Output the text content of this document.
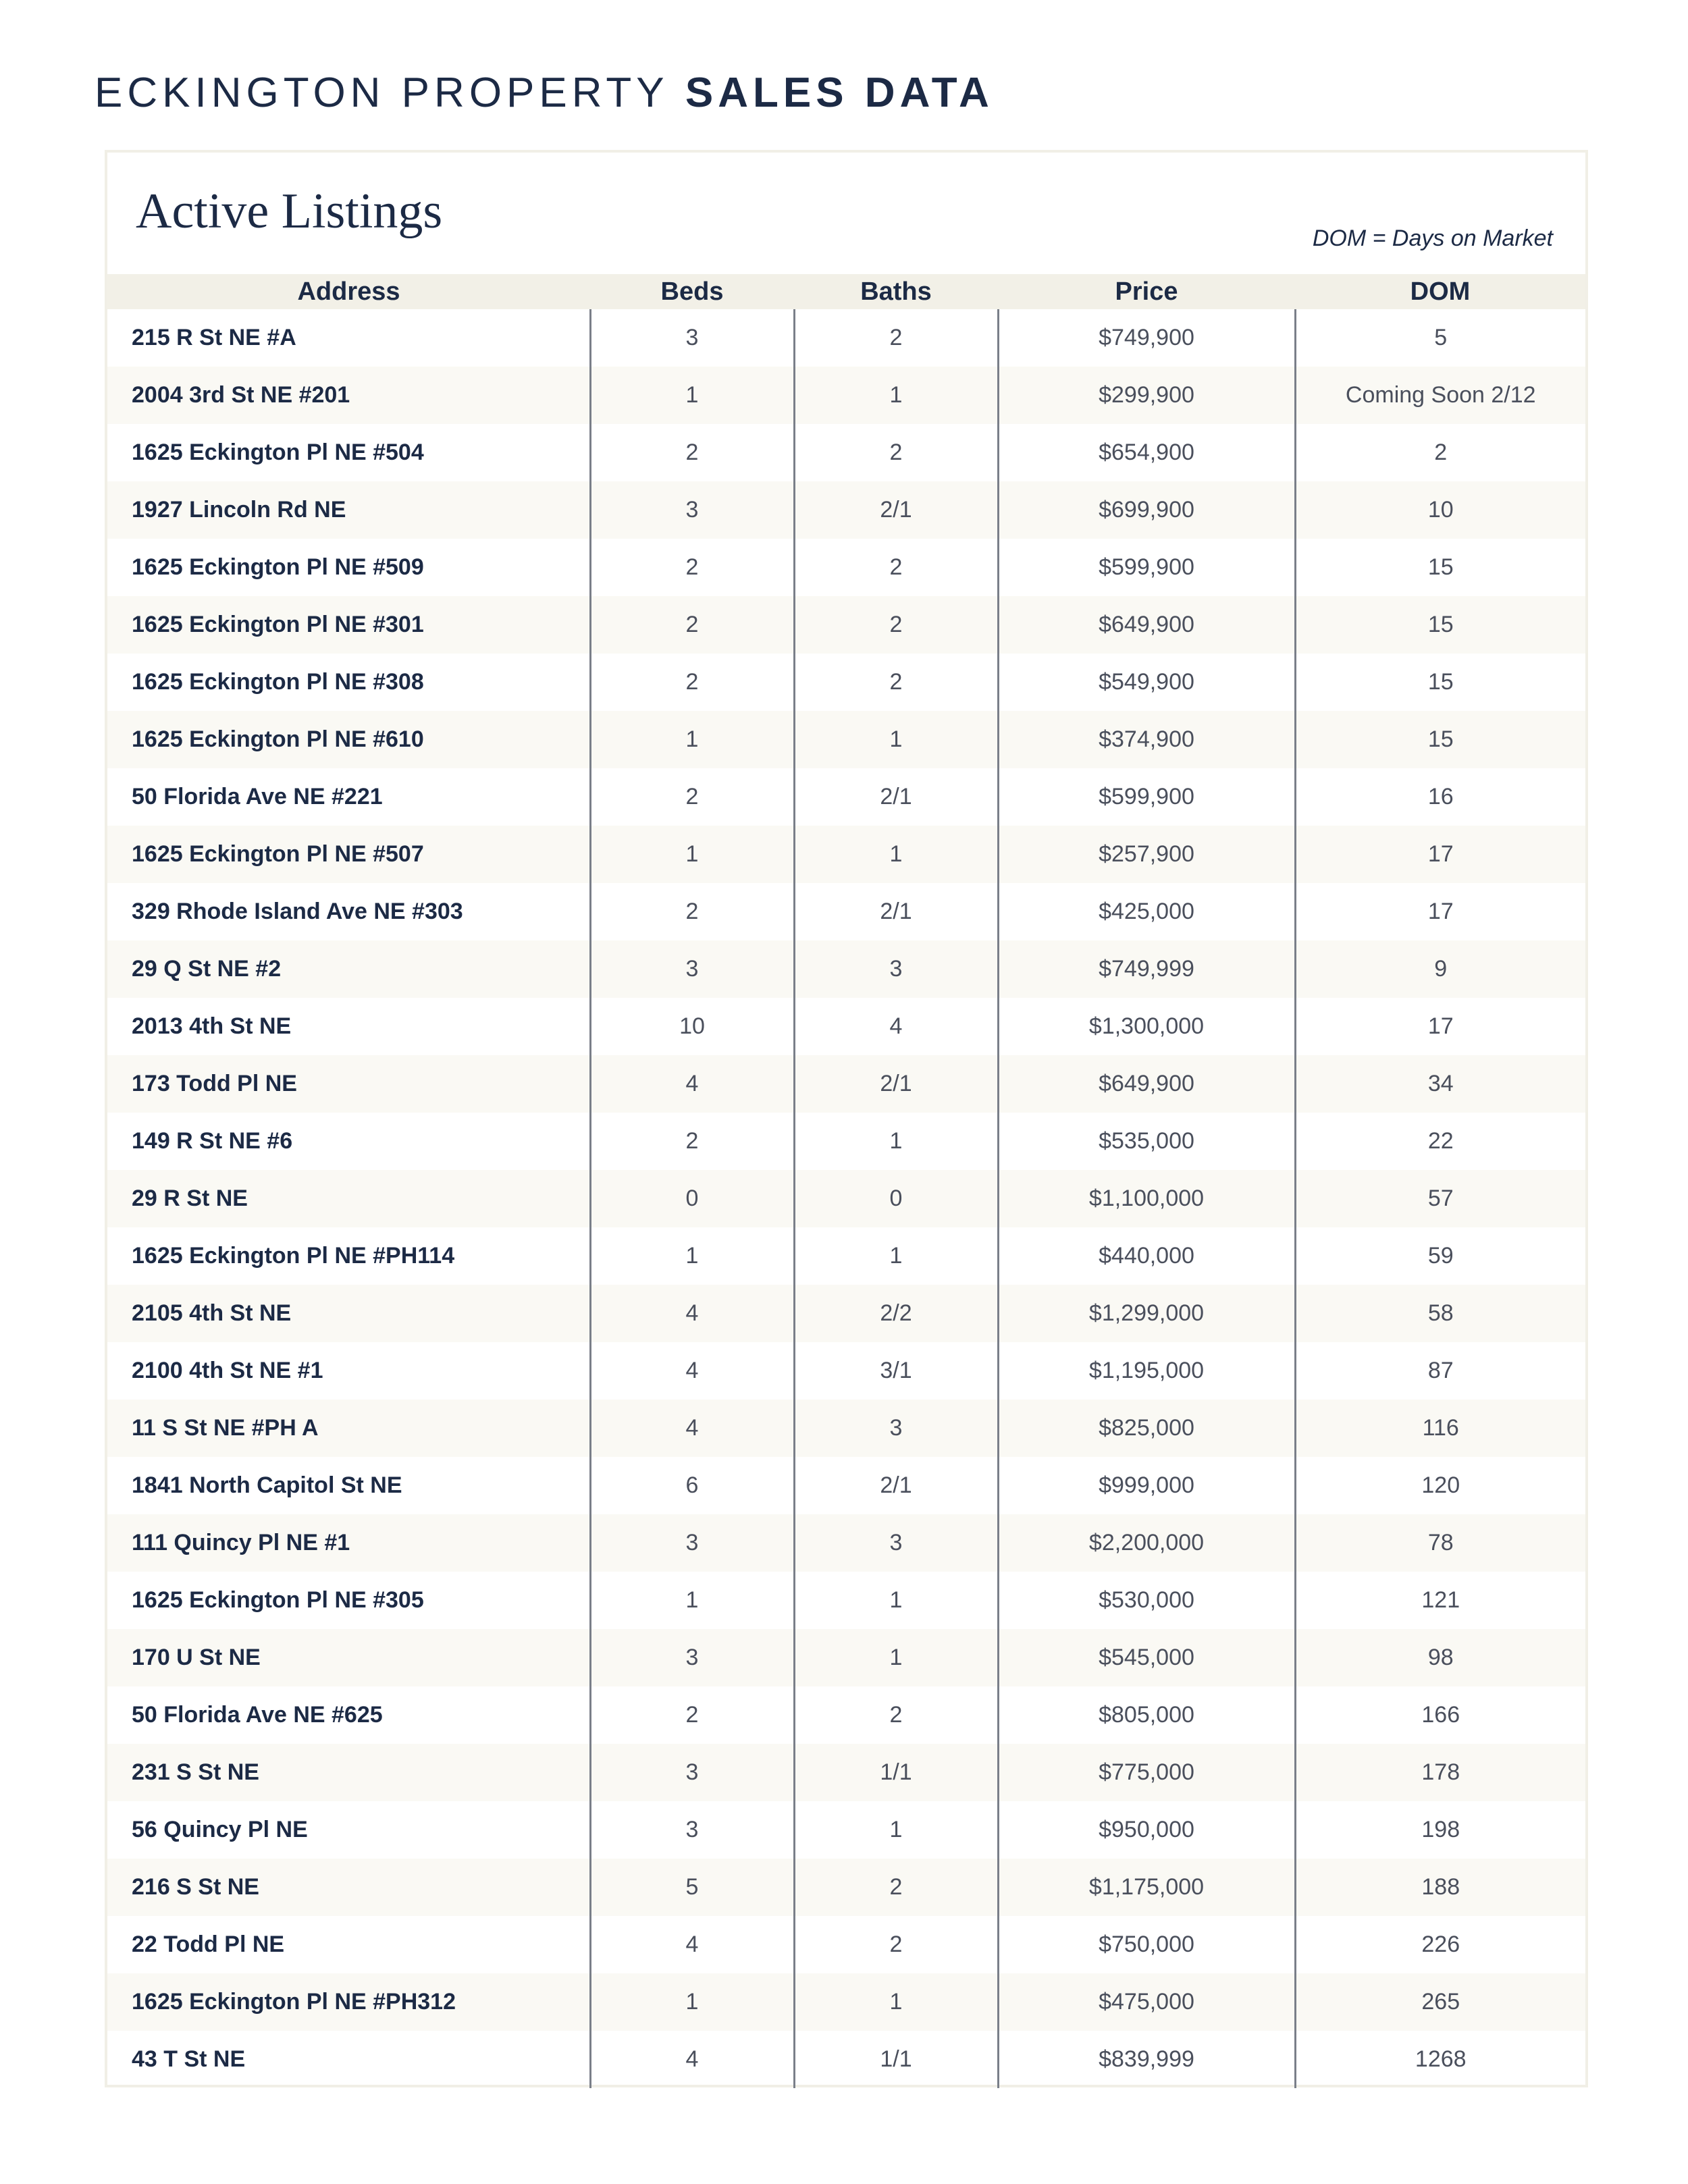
ECKINGTON PROPERTY SALES DATA
Active Listings	DOM = Days on Market
Address	Beds	Baths	Price	DOM
215 R St NE #A	3	2	$749,900	5
2004 3rd St NE #201	1	1	$299,900	Coming Soon 2/12
1625 Eckington Pl NE #504	2	2	$654,900	2
1927 Lincoln Rd NE	3	2/1	$699,900	10
1625 Eckington Pl NE #509	2	2	$599,900	15
1625 Eckington Pl NE #301	2	2	$649,900	15
1625 Eckington Pl NE #308	2	2	$549,900	15
1625 Eckington Pl NE #610	1	1	$374,900	15
50 Florida Ave NE #221	2	2/1	$599,900	16
1625 Eckington Pl NE #507	1	1	$257,900	17
329 Rhode Island Ave NE #303	2	2/1	$425,000	17
29 Q St NE #2	3	3	$749,999	9
2013 4th St NE	10	4	$1,300,000	17
173 Todd Pl NE	4	2/1	$649,900	34
149 R St NE #6	2	1	$535,000	22
29 R St NE	0	0	$1,100,000	57
1625 Eckington Pl NE #PH114	1	1	$440,000	59
2105 4th St NE	4	2/2	$1,299,000	58
2100 4th St NE #1	4	3/1	$1,195,000	87
11 S St NE #PH A	4	3	$825,000	116
1841 North Capitol St NE	6	2/1	$999,000	120
111 Quincy Pl NE #1	3	3	$2,200,000	78
1625 Eckington Pl NE #305	1	1	$530,000	121
170 U St NE	3	1	$545,000	98
50 Florida Ave NE #625	2	2	$805,000	166
231 S St NE	3	1/1	$775,000	178
56 Quincy Pl NE	3	1	$950,000	198
216 S St NE	5	2	$1,175,000	188
22 Todd Pl NE	4	2	$750,000	226
1625 Eckington Pl NE #PH312	1	1	$475,000	265
43 T St NE	4	1/1	$839,999	1268
